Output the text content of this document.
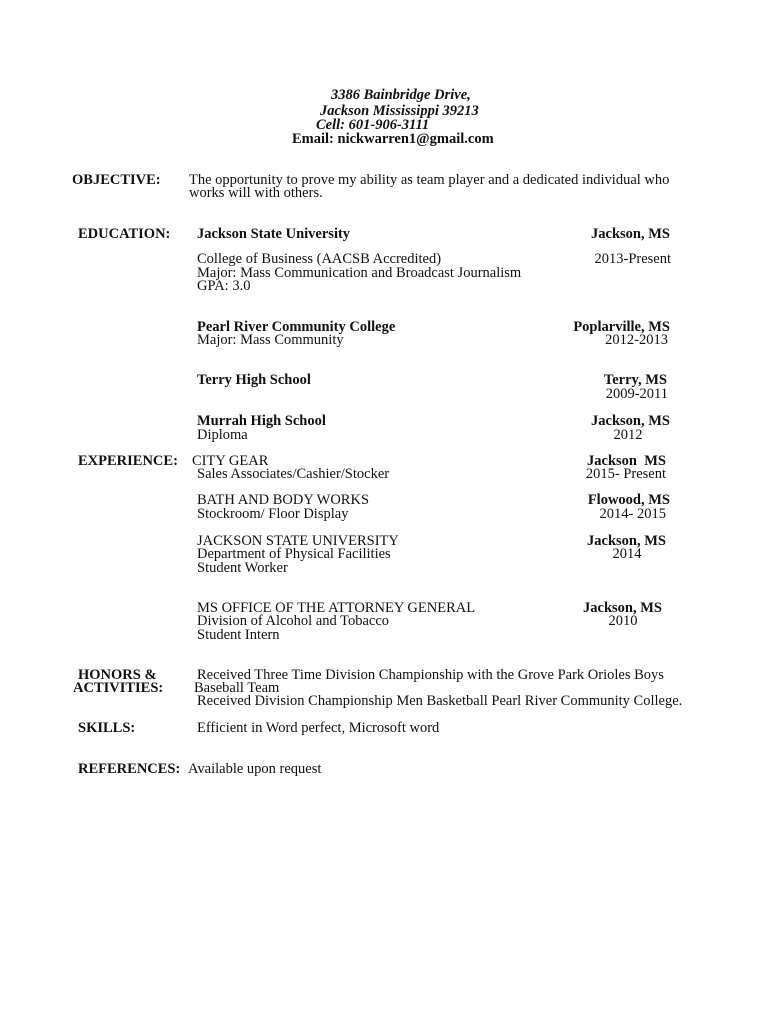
3386 Bainbridge Drive,
Jackson Mississippi 39213
Cell: 601-906-3111
Email: nickwarren1@gmail.com
OBJECTIVE: The opportunity to prove my ability as team player and a dedicated individual who
works will with others.
EDUCATION: Jackson State University	Jackson, MS
College of Business (AACSB Accredited)	2013-Present
Major: Mass Communication and Broadcast Journalism
GPA: 3.0
Pearl River Community College	Poplarville, MS
Major: Mass Community	2012-2013
Terry High School	Terry, MS
2009-2011
Murrah High School	Jackson, MS
Diploma	2012
EXPERIENCE: CITY GEAR	Jackson  MS
Sales Associates/Cashier/Stocker	2015- Present
BATH AND BODY WORKS	Flowood, MS
Stockroom/ Floor Display	2014- 2015
JACKSON STATE UNIVERSITY	Jackson, MS
Department of Physical Facilities	2014
Student Worker
MS OFFICE OF THE ATTORNEY GENERAL	Jackson, MS
Division of Alcohol and Tobacco	2010
Student Intern
HONORS &
ACTIVITIES:
Received Three Time Division Championship with the Grove Park Orioles Boys
Baseball Team
Received Division Championship Men Basketball Pearl River Community College.
SKILLS:	Efficient in Word perfect, Microsoft word
REFERENCES: Available upon request
